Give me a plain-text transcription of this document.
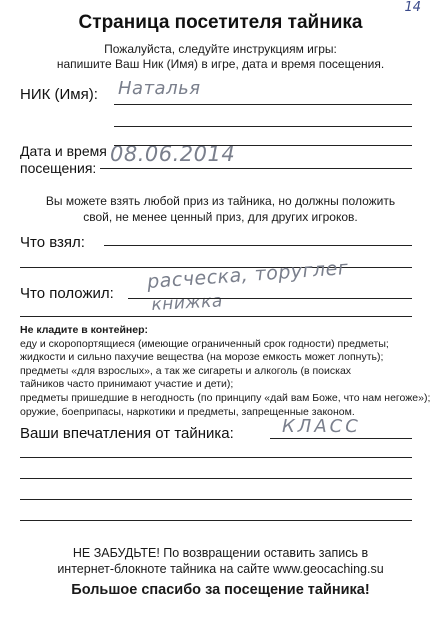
14
Страница посетителя тайника
Пожалуйста, следуйте инструкциям игры:
напишите Ваш Ник (Имя) в игре, дата и время посещения.
НИК (Имя): Наталья
Дата и время
посещения:
08.06.2014
Вы можете взять любой приз из тайника, но должны положить
свой, не менее ценный приз, для других игроков.
Что взял:
Что положил:
расческа, торуглег
книжка
Не кладите в контейнер:
еду и скоропортящиеся (имеющие ограниченный срок годности) предметы;
жидкости и сильно пахучие вещества (на морозе емкость может лопнуть);
предметы «для взрослых», а так же сигареты и алкоголь (в поисках
тайников часто принимают участие и дети);
предметы пришедшие в негодность (по принципу «дай вам Боже, что нам негоже»);
оружие, боеприпасы, наркотики и предметы, запрещенные законом.
Ваши впечатления от тайника:	КЛАСС
НЕ ЗАБУДЬТЕ! По возвращении оставить запись в
интернет-блокноте тайника на сайте www.geocaching.su
Большое спасибо за посещение тайника!
